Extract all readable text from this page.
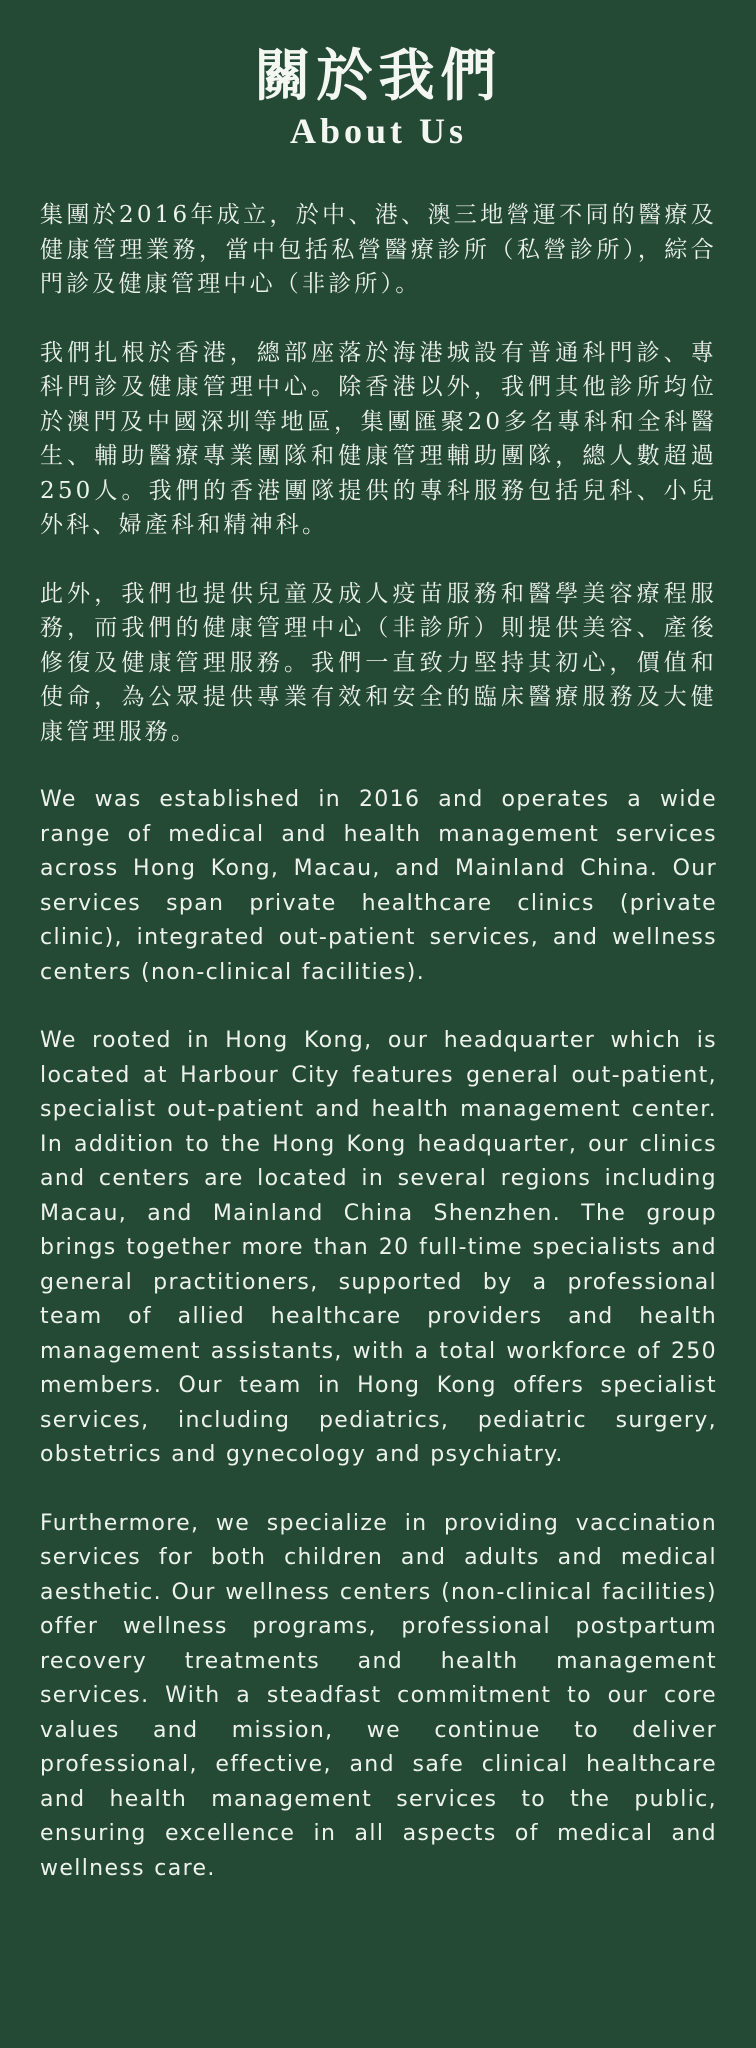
關於我們
About Us

集團於2016年成立，於中、港、澳三地營運不同的醫療及健康管理業務，當中包括私營醫療診所（私營診所），綜合門診及健康管理中心（非診所）。

我們扎根於香港，總部座落於海港城設有普通科門診、專科門診及健康管理中心。除香港以外，我們其他診所均位於澳門及中國深圳等地區，集團匯聚20多名專科和全科醫生、輔助醫療專業團隊和健康管理輔助團隊，總人數超過250人。我們的香港團隊提供的專科服務包括兒科、小兒外科、婦產科和精神科。

此外，我們也提供兒童及成人疫苗服務和醫學美容療程服務，而我們的健康管理中心（非診所）則提供美容、產後修復及健康管理服務。我們一直致力堅持其初心，價值和使命，為公眾提供專業有效和安全的臨床醫療服務及大健康管理服務。

We was established in 2016 and operates a wide range of medical and health management services across Hong Kong, Macau, and Mainland China. Our services span private healthcare clinics (private clinic), integrated out-patient services, and wellness centers (non-clinical facilities).

We rooted in Hong Kong, our headquarter which is located at Harbour City features general out-patient, specialist out-patient and health management center. In addition to the Hong Kong headquarter, our clinics and centers are located in several regions including Macau, and Mainland China Shenzhen. The group brings together more than 20 full-time specialists and general practitioners, supported by a professional team of allied healthcare providers and health management assistants, with a total workforce of 250 members. Our team in Hong Kong offers specialist services, including pediatrics, pediatric surgery, obstetrics and gynecology and psychiatry.

Furthermore, we specialize in providing vaccination services for both children and adults and medical aesthetic. Our wellness centers (non-clinical facilities) offer wellness programs, professional postpartum recovery treatments and health management services. With a steadfast commitment to our core values and mission, we continue to deliver professional, effective, and safe clinical healthcare and health management services to the public, ensuring excellence in all aspects of medical and wellness care.
